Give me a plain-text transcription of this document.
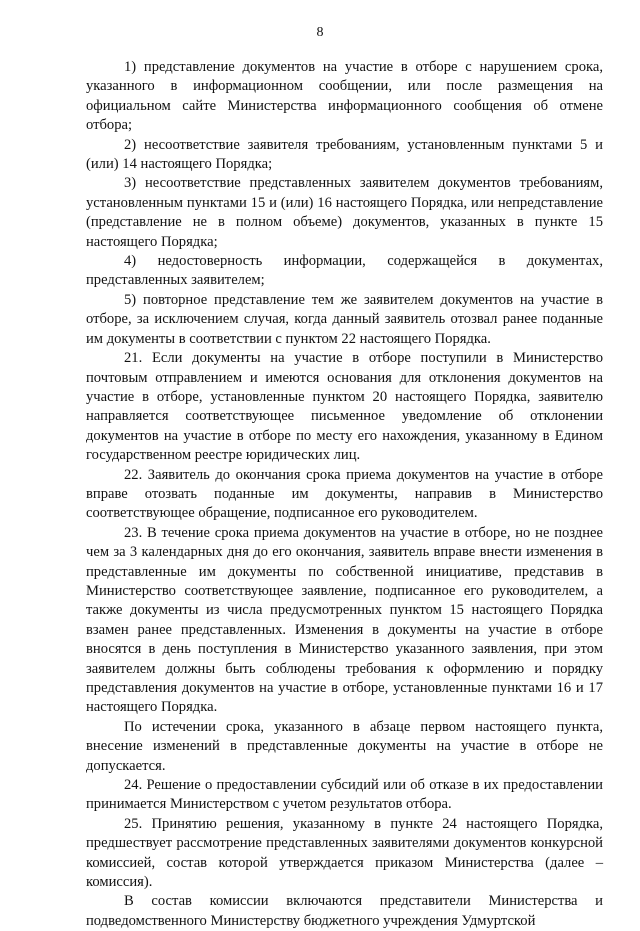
8

1) представление документов на участие в отборе с нарушением срока, указанного в информационном сообщении, или после размещения на официальном сайте Министерства информационного сообщения об отмене отбора;

2) несоответствие заявителя требованиям, установленным пунктами 5 и (или) 14 настоящего Порядка;

3) несоответствие представленных заявителем документов требованиям, установленным пунктами 15 и (или) 16 настоящего Порядка, или непредставление (представление не в полном объеме) документов, указанных в пункте 15 настоящего Порядка;

4) недостоверность информации, содержащейся в документах, представленных заявителем;

5) повторное представление тем же заявителем документов на участие в отборе, за исключением случая, когда данный заявитель отозвал ранее поданные им документы в соответствии с пунктом 22 настоящего Порядка.

21. Если документы на участие в отборе поступили в Министерство почтовым отправлением и имеются основания для отклонения документов на участие в отборе, установленные пунктом 20 настоящего Порядка, заявителю направляется соответствующее письменное уведомление об отклонении документов на участие в отборе по месту его нахождения, указанному в Едином государственном реестре юридических лиц.

22. Заявитель до окончания срока приема документов на участие в отборе вправе отозвать поданные им документы, направив в Министерство соответствующее обращение, подписанное его руководителем.

23. В течение срока приема документов на участие в отборе, но не позднее чем за 3 календарных дня до его окончания, заявитель вправе внести изменения в представленные им документы по собственной инициативе, представив в Министерство соответствующее заявление, подписанное его руководителем, а также документы из числа предусмотренных пунктом 15 настоящего Порядка взамен ранее представленных. Изменения в документы на участие в отборе вносятся в день поступления в Министерство указанного заявления, при этом заявителем должны быть соблюдены требования к оформлению и порядку представления документов на участие в отборе, установленные пунктами 16 и 17 настоящего Порядка.

По истечении срока, указанного в абзаце первом настоящего пункта, внесение изменений в представленные документы на участие в отборе не допускается.

24. Решение о предоставлении субсидий или об отказе в их предоставлении принимается Министерством с учетом результатов отбора.

25. Принятию решения, указанному в пункте 24 настоящего Порядка, предшествует рассмотрение представленных заявителями документов конкурсной комиссией, состав которой утверждается приказом Министерства (далее – комиссия).

В состав комиссии включаются представители Министерства и подведомственного Министерству бюджетного учреждения Удмуртской
